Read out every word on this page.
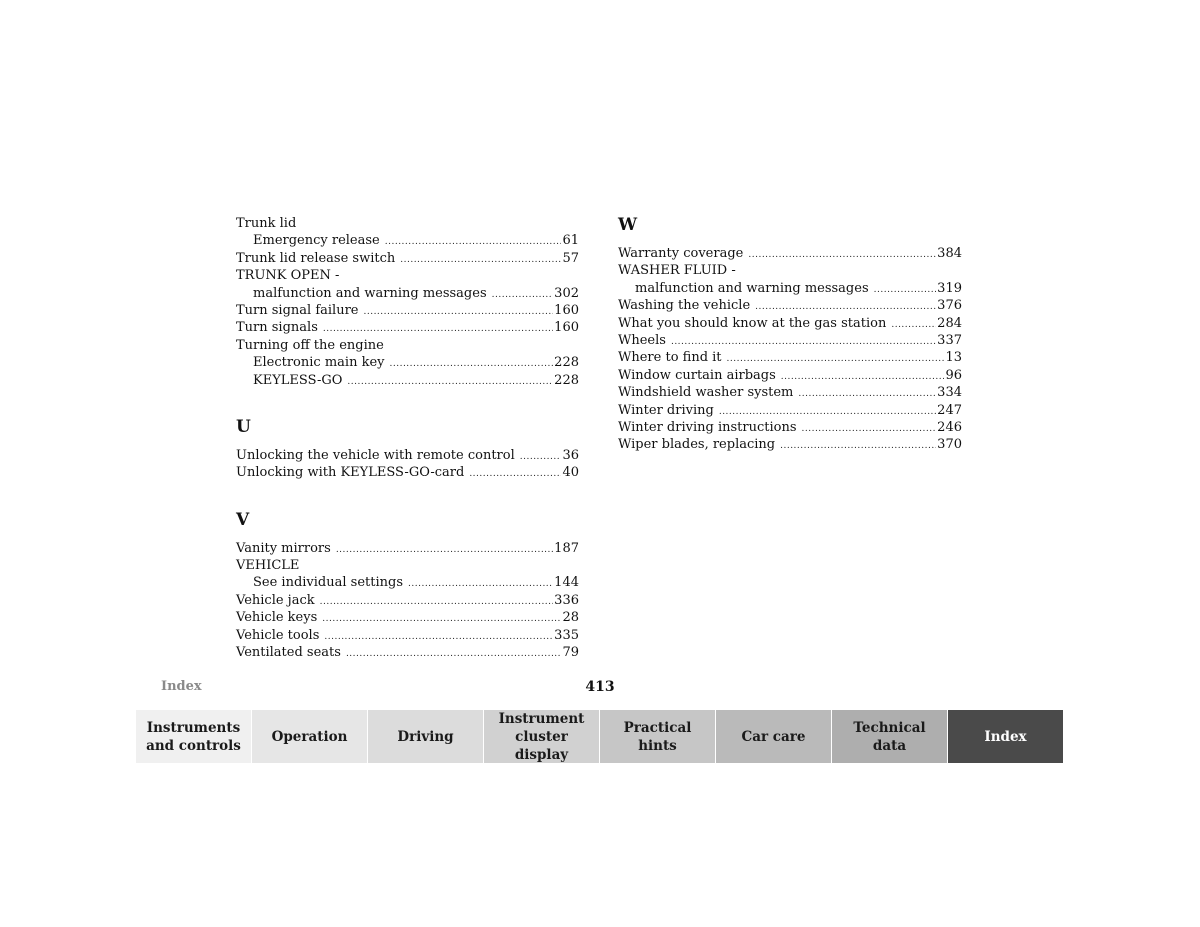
Trunk lid
Emergency release .....	61
Trunk lid release switch .....	57
TRUNK OPEN -
malfunction and warning messages .....	302
Turn signal failure .....	160
Turn signals .....	160
Turning off the engine
Electronic main key .....	228
KEYLESS-GO .....	228
U
Unlocking the vehicle with remote control .....	36
Unlocking with KEYLESS-GO-card .....	40
V
Vanity mirrors .....	187
VEHICLE
See individual settings .....	144
Vehicle jack .....	336
Vehicle keys .....	28
Vehicle tools .....	335
Ventilated seats .....	79
W
Warranty coverage .....	384
WASHER FLUID -
malfunction and warning messages .....	319
Washing the vehicle .....	376
What you should know at the gas station .....	284
Wheels .....	337
Where to find it .....	13
Window curtain airbags .....	96
Windshield washer system .....	334
Winter driving .....	247
Winter driving instructions .....	246
Wiper blades, replacing .....	370
Index	413
Instruments and controls
Operation	Driving
Instrument cluster display
Practical hints
Car care
Technical data
Index
